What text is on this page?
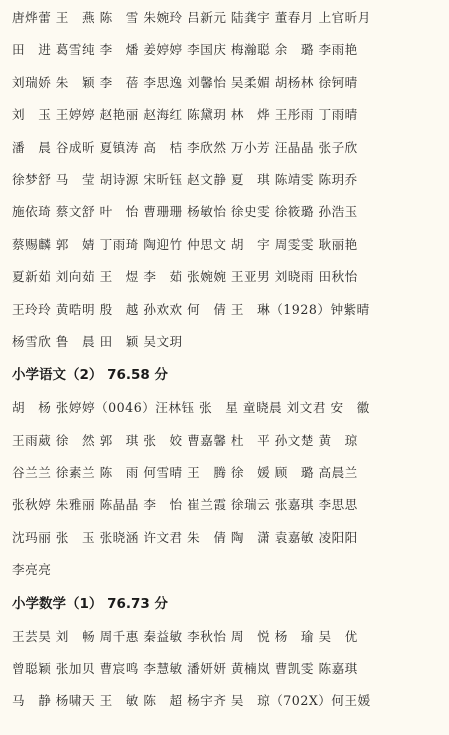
唐烨蕾 王　燕 陈　雪 朱婉玲 吕新元 陆龚宇 董春月 上官昕月
田　进 葛雪纯 李　燔 姜婷婷 李国庆 梅瀚聪 余　璐 李雨艳
刘瑞娇 朱　颖 李　蓓 李思逸 刘馨怡 吴柔媚 胡杨林 徐钶晴
刘　玉 王婷婷 赵艳丽 赵海红 陈黛玥 林　烨 王彤雨 丁雨晴
潘　晨 谷成昕 夏镇涛 高　桔 李欣然 万小芳 汪晶晶 张子欣
徐梦舒 马　莹 胡诗源 宋昕钰 赵文静 夏　琪 陈靖雯 陈玥乔
施依琦 蔡文舒 叶　怡 曹珊珊 杨敏怡 徐史雯 徐筱璐 孙浩玉
蔡赐麟 郭　婧 丁雨琦 陶迎竹 仲思文 胡　宇 周雯雯 耿丽艳
夏新茹 刘向茹 王　煜 李　茹 张婉婉 王亚男 刘晓雨 田秋怡
王玲玲 黄晧明 殷　越 孙欢欢 何　倩 王　琳（1928）钟紫晴
杨雪欣 鲁　晨 田　颖 吴文玥
小学语文（2） 76.58 分
胡　杨 张婷婷（0046）汪林钰 张　星 童晓晨 刘文君 安　徽
王雨葳 徐　然 郭　琪 张　姣 曹嘉馨 杜　平 孙文楚 黄　琼
谷兰兰 徐素兰 陈　雨 何雪晴 王　腾 徐　媛 顾　璐 高晨兰
张秋婷 朱雅丽 陈晶晶 李　怡 崔兰霞 徐瑞云 张嘉琪 李思思
沈玛丽 张　玉 张晓涵 许文君 朱　倩 陶　潇 袁嘉敏 凌阳阳
李亮亮
小学数学（1） 76.73 分
王芸昊 刘　畅 周千惠 秦益敏 李秋怡 周　悦 杨　瑜 吴　优
曾聪颖 张加贝 曹宸鸣 李慧敏 潘妍妍 黄楠岚 曹凯雯 陈嘉琪
马　静 杨啸天 王　敏 陈　超 杨宇齐 吴　琼（702X）何王媛
